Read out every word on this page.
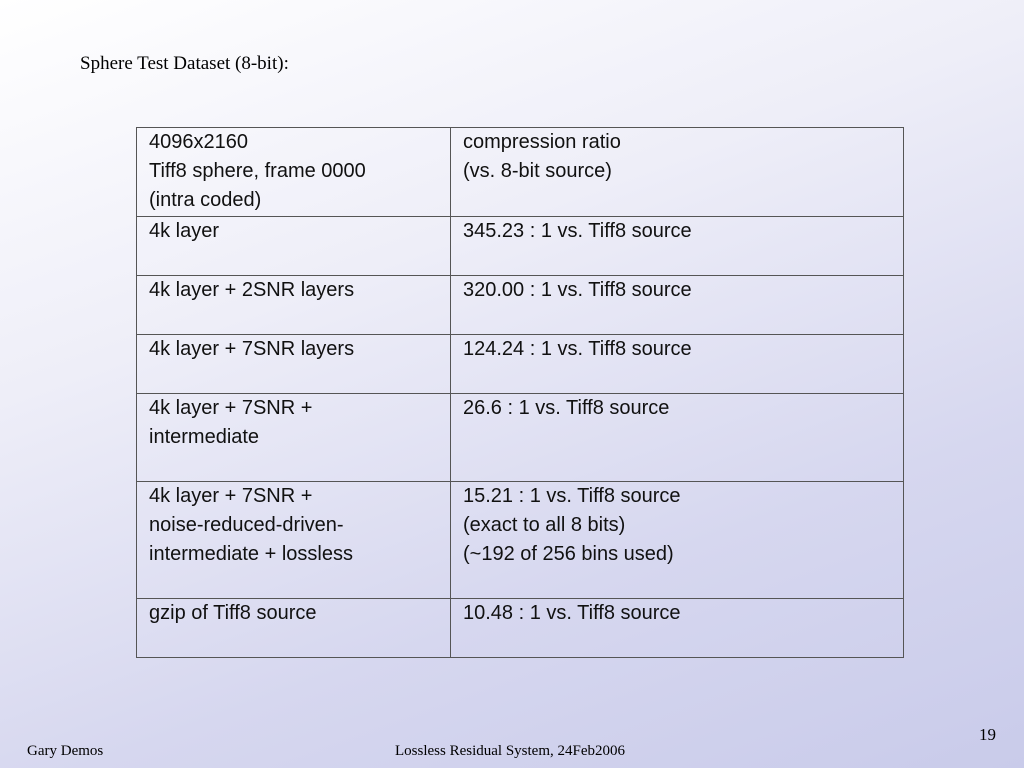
Sphere Test Dataset (8-bit):
4096x2160
Tiff8 sphere, frame 0000
(intra coded)	compression ratio
(vs. 8-bit source)

4k layer	345.23 : 1 vs. Tiff8 source

4k layer + 2SNR layers	320.00 : 1 vs. Tiff8 source

4k layer + 7SNR layers	124.24 : 1 vs. Tiff8 source

4k layer + 7SNR +
intermediate	26.6 : 1 vs. Tiff8 source

4k layer + 7SNR +
noise-reduced-driven-
intermediate + lossless	15.21 : 1 vs. Tiff8 source
(exact to all 8 bits)
(~192 of 256 bins used)

gzip of Tiff8 source	10.48 : 1 vs. Tiff8 source
19
Gary Demos	Lossless Residual System, 24Feb2006
